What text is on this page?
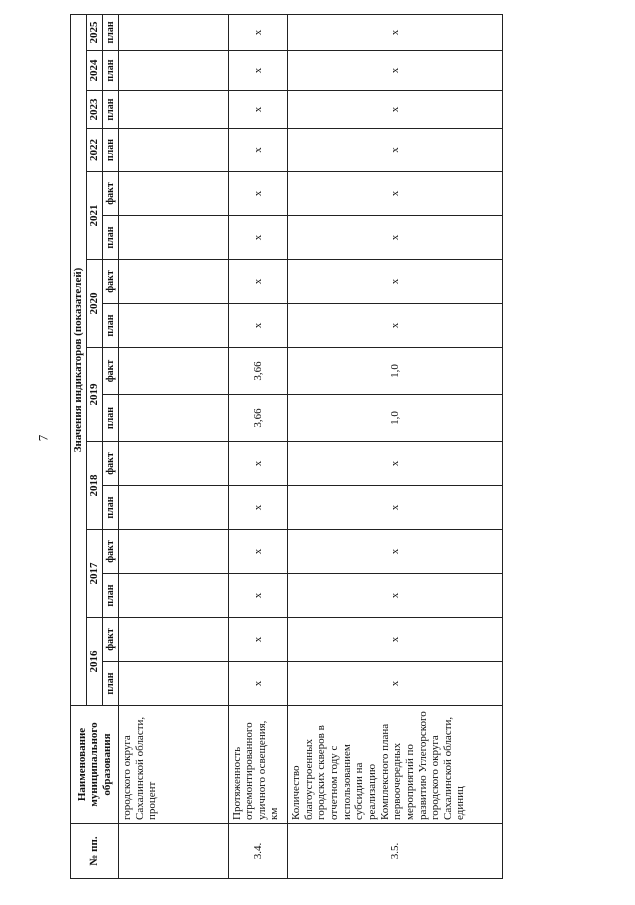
7
№ пп.	Наименование муниципального образования	Значения индикаторов (показателей)															
		2016		2017		2018		2019		2020		2021		2022	2023	2024	2025
		план	факт	план	факт	план	факт	план	факт	план	факт	план	факт	план	план	план	план
	городского округа Сахалинской области, процент																
3.4.	Протяженность отремонтированного уличного освещения, км	x	x	x	x	x	x	3,66	3,66	x	x	x	x	x	x	x	x
3.5.	Количество благоустроенных городских скверов в отчетном году с использованием субсидии на реализацию Комплексного плана первоочередных мероприятий по развитию Углегорского городского округа Сахалинской области, единиц	x	x	x	x	x	x	1,0	1,0	x	x	x	x	x	x	x	x
